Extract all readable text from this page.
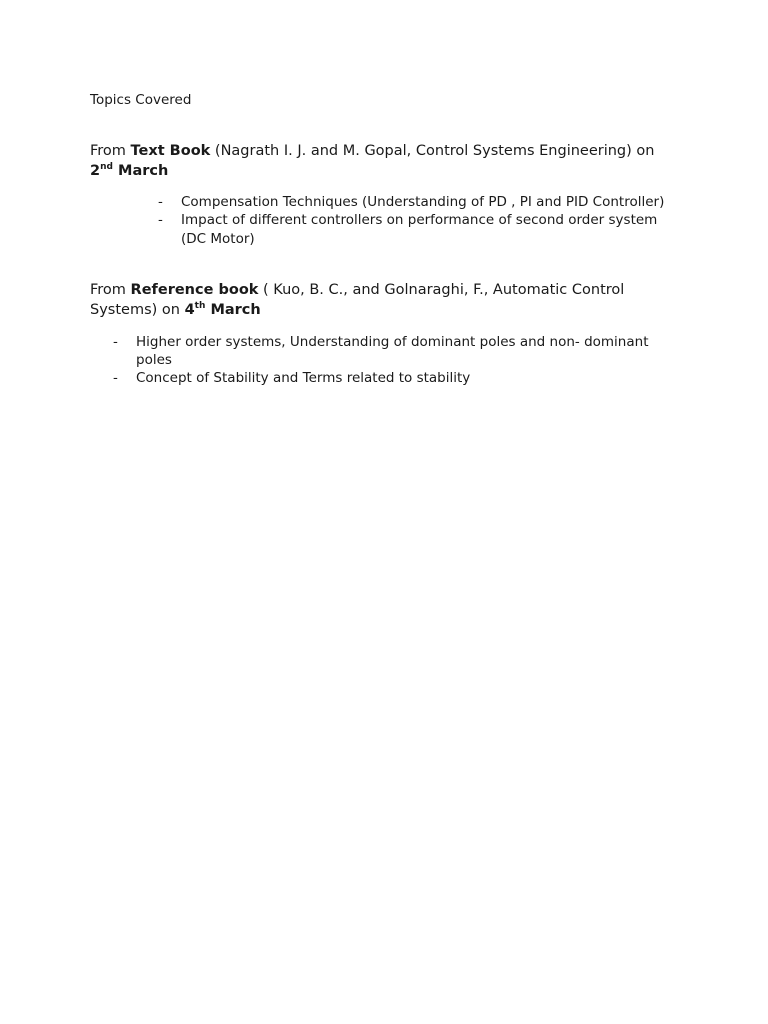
Topics Covered
From Text Book (Nagrath I. J. and M. Gopal, Control Systems Engineering) on
2nd March
- Compensation Techniques (Understanding of PD , PI and PID Controller)
- Impact of different controllers on performance of second order system
(DC Motor)
From Reference book ( Kuo, B. C., and Golnaraghi, F., Automatic Control Systems) on 4th March
- Higher order systems, Understanding of dominant poles and non- dominant poles
- Concept of Stability and Terms related to stability
